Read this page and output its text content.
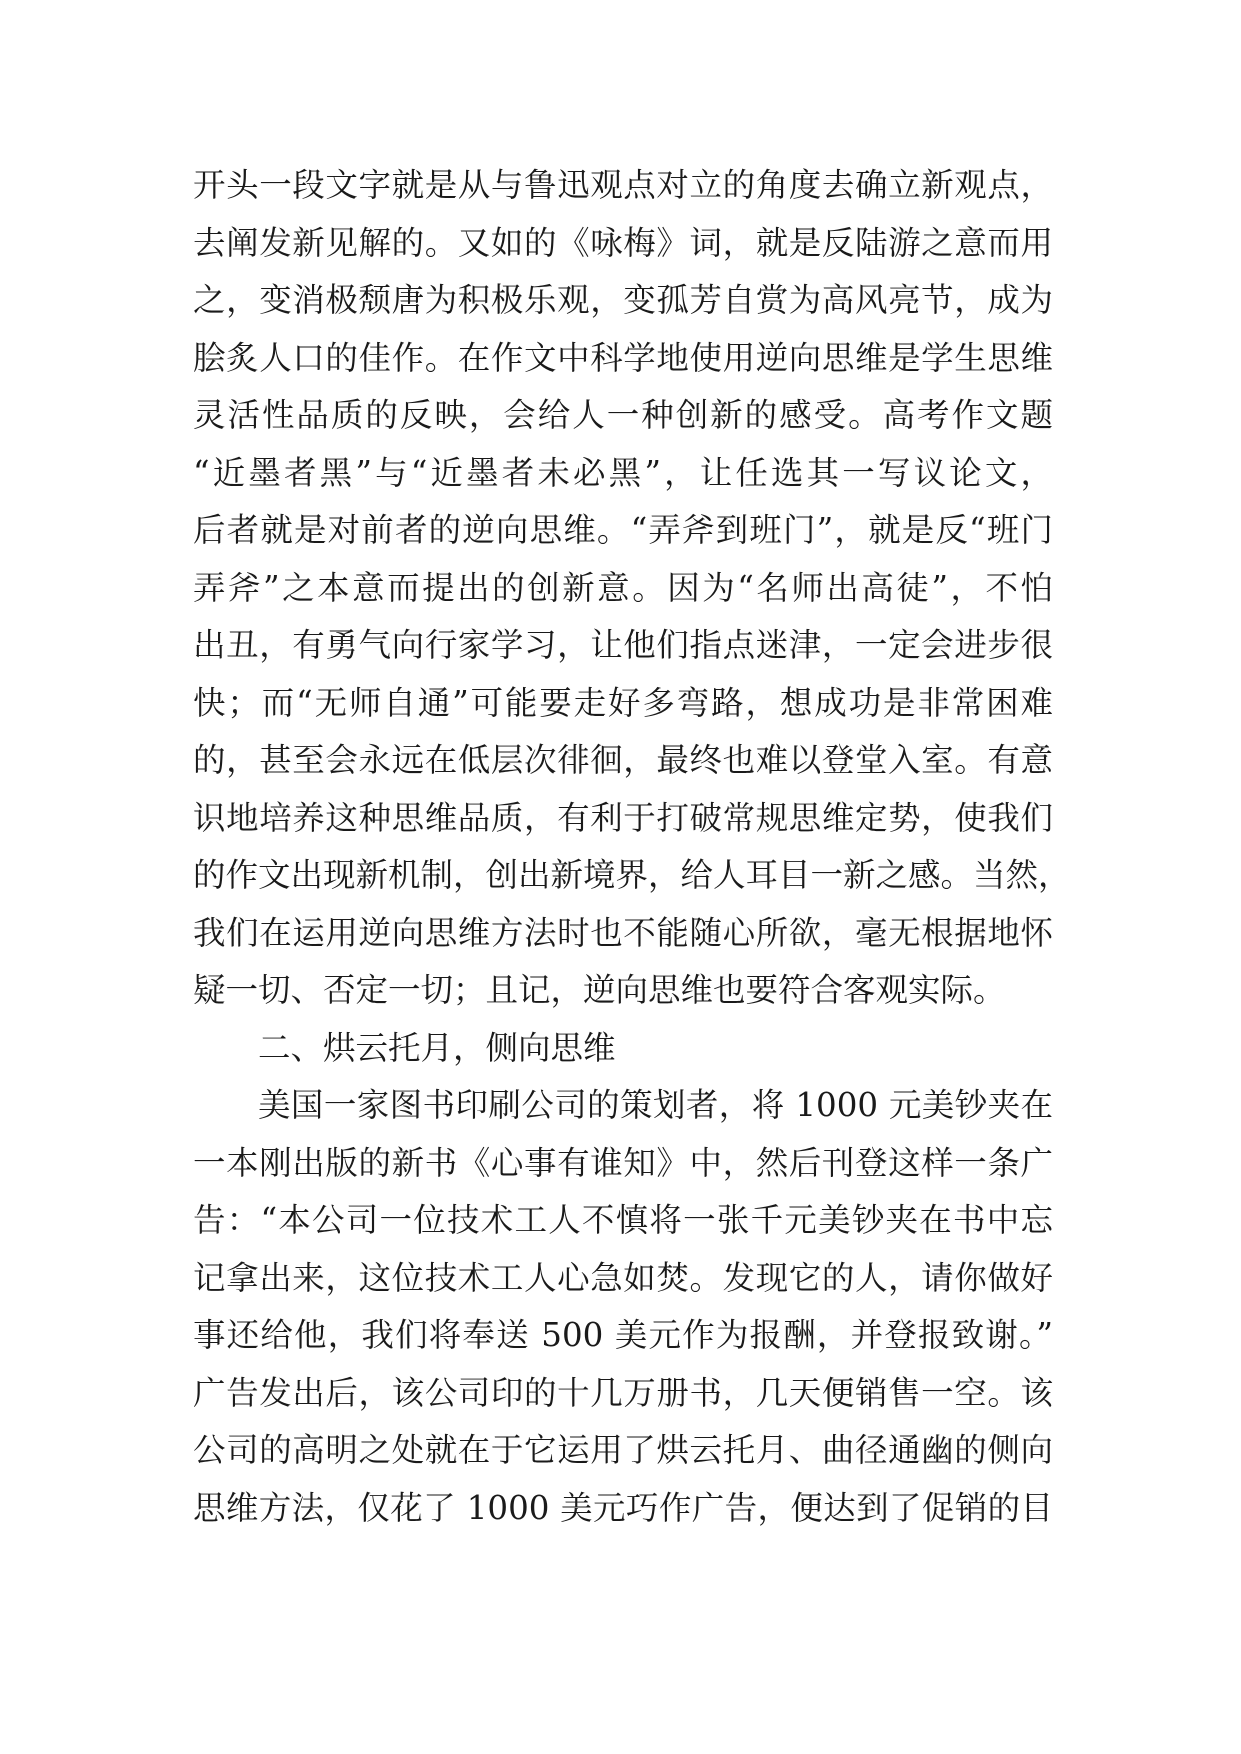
开头一段文字就是从与鲁迅观点对立的角度去确立新观点，
去阐发新见解的。又如的《咏梅》词，就是反陆游之意而用
之，变消极颓唐为积极乐观，变孤芳自赏为高风亮节，成为
脍炙人口的佳作。在作文中科学地使用逆向思维是学生思维
灵活性品质的反映，会给人一种创新的感受。高考作文题
“近墨者黑”与“近墨者未必黑”，让任选其一写议论文，
后者就是对前者的逆向思维。“弄斧到班门”，就是反“班门
弄斧”之本意而提出的创新意。因为“名师出高徒”，不怕
出丑，有勇气向行家学习，让他们指点迷津，一定会进步很
快；而“无师自通”可能要走好多弯路，想成功是非常困难
的，甚至会永远在低层次徘徊，最终也难以登堂入室。有意
识地培养这种思维品质，有利于打破常规思维定势，使我们
的作文出现新机制，创出新境界，给人耳目一新之感。当然，
我们在运用逆向思维方法时也不能随心所欲，毫无根据地怀
疑一切、否定一切；且记，逆向思维也要符合客观实际。
二、烘云托月，侧向思维
美国一家图书印刷公司的策划者，将 1000 元美钞夹在
一本刚出版的新书《心事有谁知》中，然后刊登这样一条广
告：“本公司一位技术工人不慎将一张千元美钞夹在书中忘
记拿出来，这位技术工人心急如焚。发现它的人，请你做好
事还给他，我们将奉送 500 美元作为报酬，并登报致谢。”
广告发出后，该公司印的十几万册书，几天便销售一空。该
公司的高明之处就在于它运用了烘云托月、曲径通幽的侧向
思维方法，仅花了 1000 美元巧作广告，便达到了促销的目
